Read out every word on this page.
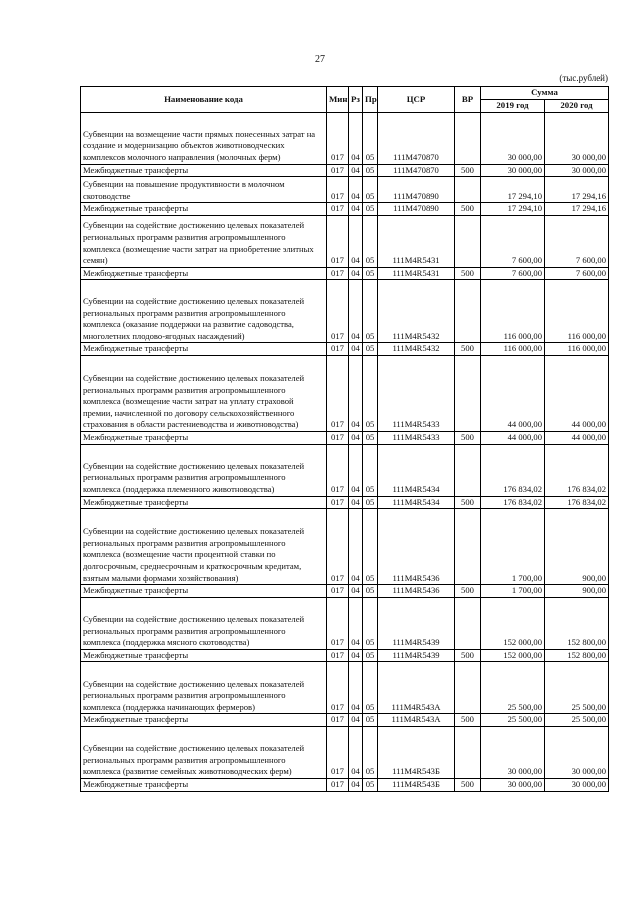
27
(тыс.рублей)
Наименование кода	Мин	Рз	Пр	ЦСР	ВР	Сумма	
						2019 год	2020 год
Субвенции на возмещение части прямых понесенных затрат на создание и модернизацию объектов животноводческих комплексов молочного направления (молочных ферм)	017	04	05	111М470870		30 000,00	30 000,00
Межбюджетные трансферты	017	04	05	111М470870	500	30 000,00	30 000,00
Субвенции на повышение продуктивности в молочном скотоводстве	017	04	05	111М470890		17 294,10	17 294,16
Межбюджетные трансферты	017	04	05	111М470890	500	17 294,10	17 294,16
Субвенции на содействие достижению целевых показателей региональных программ развития агропромышленного комплекса (возмещение части затрат на приобретение элитных семян)	017	04	05	111М4R5431		7 600,00	7 600,00
Межбюджетные трансферты	017	04	05	111М4R5431	500	7 600,00	7 600,00
Субвенции на содействие достижению целевых показателей региональных программ развития агропромышленного комплекса (оказание поддержки на развитие садоводства, многолетних плодово-ягодных насаждений)	017	04	05	111М4R5432		116 000,00	116 000,00
Межбюджетные трансферты	017	04	05	111М4R5432	500	116 000,00	116 000,00
Субвенции на содействие достижению целевых показателей региональных программ развития агропромышленного комплекса (возмещение части затрат на уплату страховой премии, начисленной по договору сельскохозяйственного страхования в области растениеводства и животноводства)	017	04	05	111М4R5433		44 000,00	44 000,00
Межбюджетные трансферты	017	04	05	111М4R5433	500	44 000,00	44 000,00
Субвенции на содействие достижению целевых показателей региональных программ развития агропромышленного комплекса (поддержка племенного животноводства)	017	04	05	111М4R5434		176 834,02	176 834,02
Межбюджетные трансферты	017	04	05	111М4R5434	500	176 834,02	176 834,02
Субвенции на содействие достижению целевых показателей региональных программ развития агропромышленного комплекса (возмещение части процентной ставки по долгосрочным, среднесрочным и краткосрочным кредитам, взятым малыми формами хозяйствования)	017	04	05	111М4R5436		1 700,00	900,00
Межбюджетные трансферты	017	04	05	111М4R5436	500	1 700,00	900,00
Субвенции на содействие достижению целевых показателей региональных программ развития агропромышленного комплекса (поддержка мясного скотоводства)	017	04	05	111М4R5439		152 000,00	152 800,00
Межбюджетные трансферты	017	04	05	111М4R5439	500	152 000,00	152 800,00
Субвенции на содействие достижению целевых показателей региональных программ развития агропромышленного комплекса (поддержка начинающих фермеров)	017	04	05	111М4R543А		25 500,00	25 500,00
Межбюджетные трансферты	017	04	05	111М4R543А	500	25 500,00	25 500,00
Субвенции на содействие достижению целевых показателей региональных программ развития агропромышленного комплекса (развитие семейных животноводческих ферм)	017	04	05	111М4R543Б		30 000,00	30 000,00
Межбюджетные трансферты	017	04	05	111М4R543Б	500	30 000,00	30 000,00
